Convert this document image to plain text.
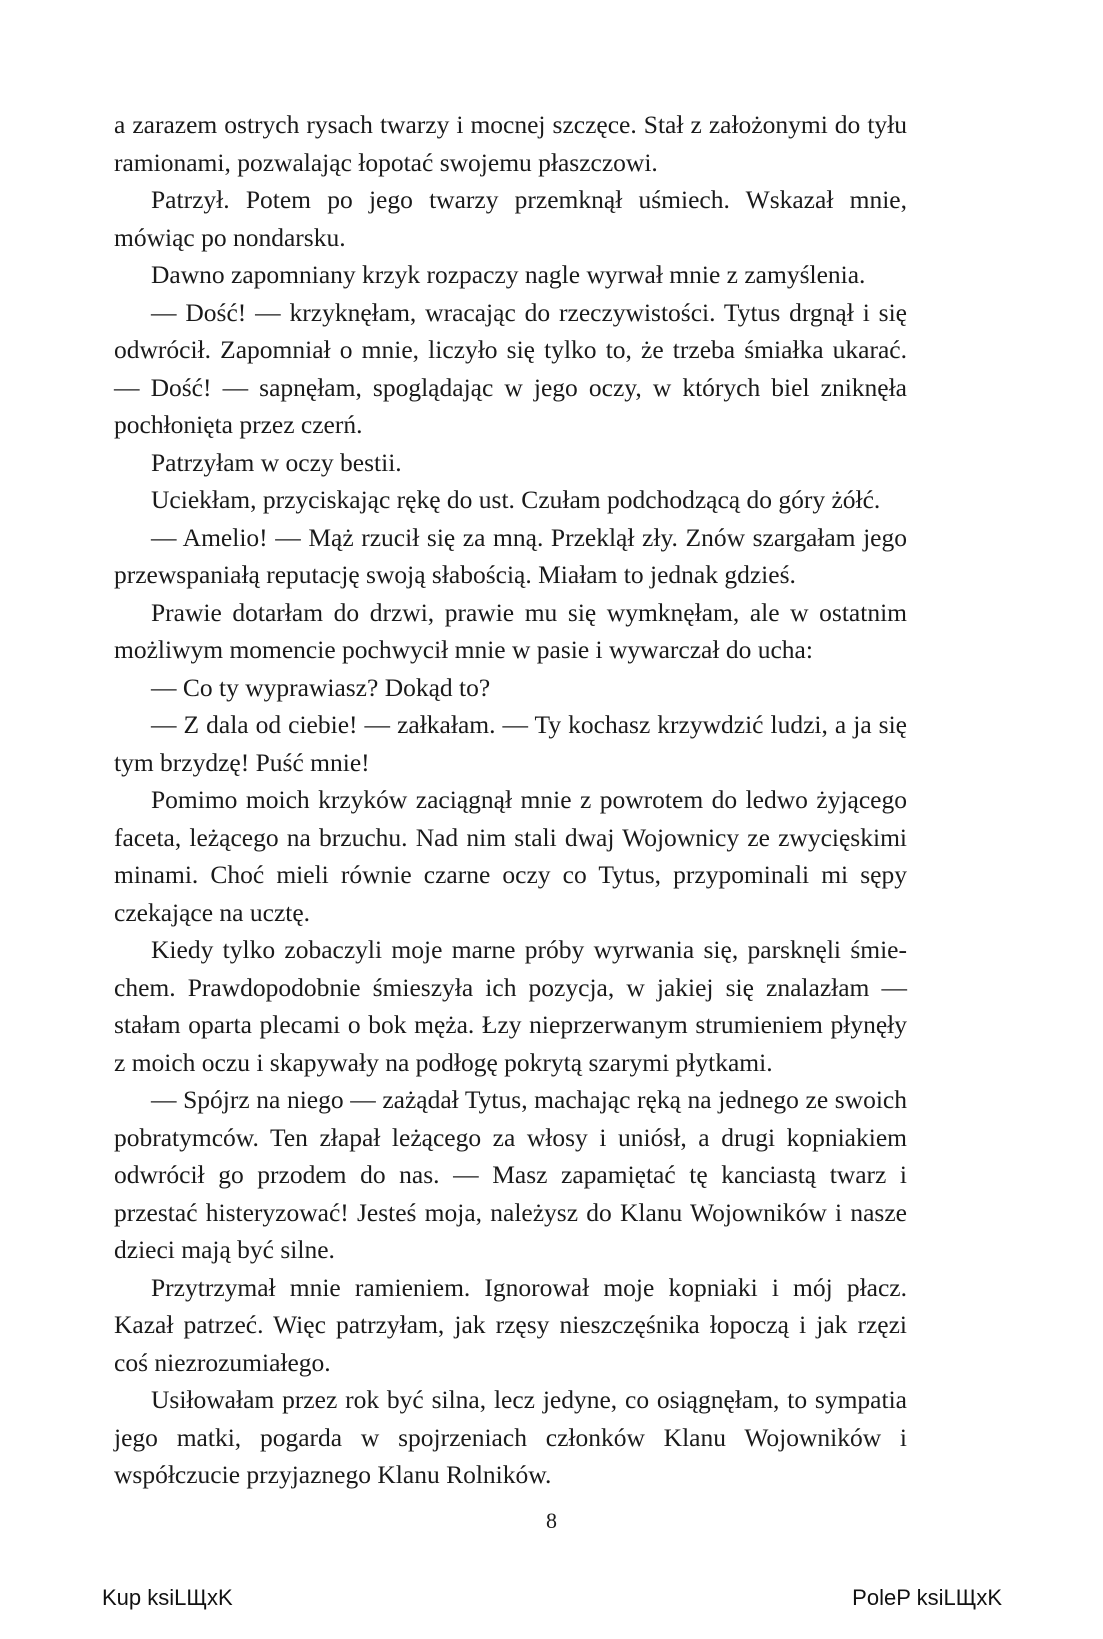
a zarazem ostrych rysach twarzy i mocnej szczęce. Stał z założonymi do tyłu ramionami, pozwalając łopotać swojemu płaszczowi.

Patrzył. Potem po jego twarzy przemknął uśmiech. Wskazał mnie, mówiąc po nondarsku.

Dawno zapomniany krzyk rozpaczy nagle wyrwał mnie z zamyślenia.

— Dość! — krzyknęłam, wracając do rzeczywistości. Tytus drgnął i się odwrócił. Zapomniał o mnie, liczyło się tylko to, że trzeba śmiałka ukarać. — Dość! — sapnęłam, spoglądając w jego oczy, w których biel zniknęła pochłonięta przez czerń.

Patrzyłam w oczy bestii.

Uciekłam, przyciskając rękę do ust. Czułam podchodzącą do góry żółć.

— Amelio! — Mąż rzucił się za mną. Przeklął zły. Znów szargałam jego przewspaniałą reputację swoją słabością. Miałam to jednak gdzieś.

Prawie dotarłam do drzwi, prawie mu się wymknęłam, ale w ostatnim możliwym momencie pochwycił mnie w pasie i wywarczał do ucha:

— Co ty wyprawiasz? Dokąd to?

— Z dala od ciebie! — załkałam. — Ty kochasz krzywdzić ludzi, a ja się tym brzydzę! Puść mnie!

Pomimo moich krzyków zaciągnął mnie z powrotem do ledwo żyjącego faceta, leżącego na brzuchu. Nad nim stali dwaj Wojownicy ze zwycięskimi minami. Choć mieli równie czarne oczy co Tytus, przypominali mi sępy czekające na ucztę.

Kiedy tylko zobaczyli moje marne próby wyrwania się, parsknęli śmiechem. Prawdopodobnie śmieszyła ich pozycja, w jakiej się znalazłam — stałam oparta plecami o bok męża. Łzy nieprzerwanym strumieniem płynęły z moich oczu i skapywały na podłogę pokrytą szarymi płytkami.

— Spójrz na niego — zażądał Tytus, machając ręką na jednego ze swoich pobratymców. Ten złapał leżącego za włosy i uniósł, a drugi kopniakiem odwrócił go przodem do nas. — Masz zapamiętać tę kanciastą twarz i przestać histeryzować! Jesteś moja, należysz do Klanu Wojowników i nasze dzieci mają być silne.

Przytrzymał mnie ramieniem. Ignorował moje kopniaki i mój płacz. Kazał patrzeć. Więc patrzyłam, jak rzęsy nieszczęśnika łopoczą i jak rzęzi coś niezrozumiałego.

Usiłowałam przez rok być silna, lecz jedyne, co osiągnęłam, to sympatia jego matki, pogarda w spojrzeniach członków Klanu Wojowników i współczucie przyjaznego Klanu Rolników.

8
Kup ksiLЩxK	PoleP ksiLЩxK
